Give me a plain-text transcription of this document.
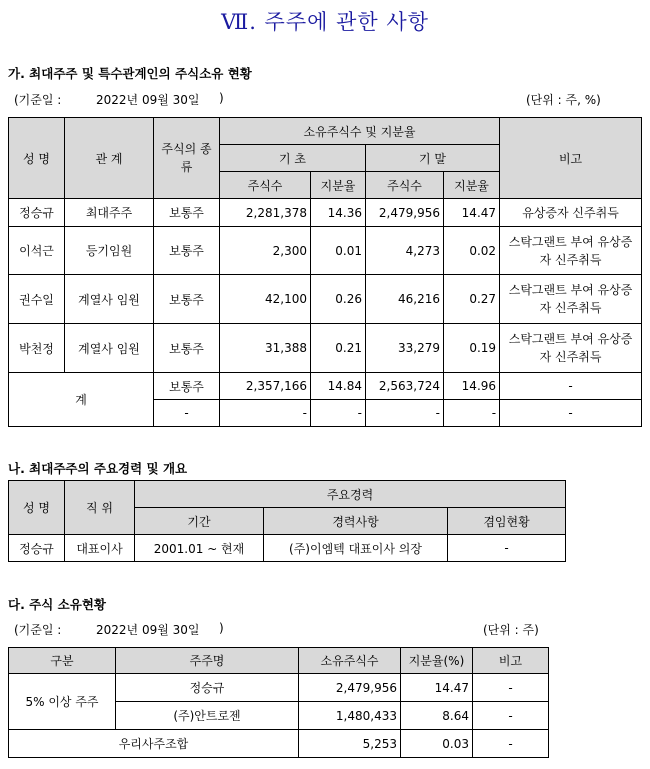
Ⅶ. 주주에 관한 사항
가. 최대주주 및 특수관계인의 주식소유 현황
(기준일 :	2022년 09월 30일 )	(단위 : 주, %)
성 명	관 계	주식의 종류	소유주식수 및 지분율				비고
			기 초		기 말		
			주식수	지분율	주식수	지분율	
정승규	최대주주	보통주	2,281,378	14.36	2,479,956	14.47	유상증자 신주취득
이석근	등기임원	보통주	2,300	0.01	4,273	0.02	스탁그랜트 부여 유상증자 신주취득
권수일	계열사 임원	보통주	42,100	0.26	46,216	0.27	스탁그랜트 부여 유상증자 신주취득
박천정	계열사 임원	보통주	31,388	0.21	33,279	0.19	스탁그랜트 부여 유상증자 신주취득
계		보통주	2,357,166	14.84	2,563,724	14.96	-
		-	-	-	-	-	-
나. 최대주주의 주요경력 및 개요
성 명	직 위	주요경력		
		기간	경력사항	겸임현황
정승규	대표이사	2001.01 ~ 현재	(주)이엠텍 대표이사 의장	-
다. 주식 소유현황
(기준일 :	2022년 09월 30일 )	(단위 : 주)
구분	주주명	소유주식수	지분율(%)	비고
5% 이상 주주	정승규	2,479,956	14.47	-
	(주)안트로젠	1,480,433	8.64	-
우리사주조합		5,253	0.03	-
